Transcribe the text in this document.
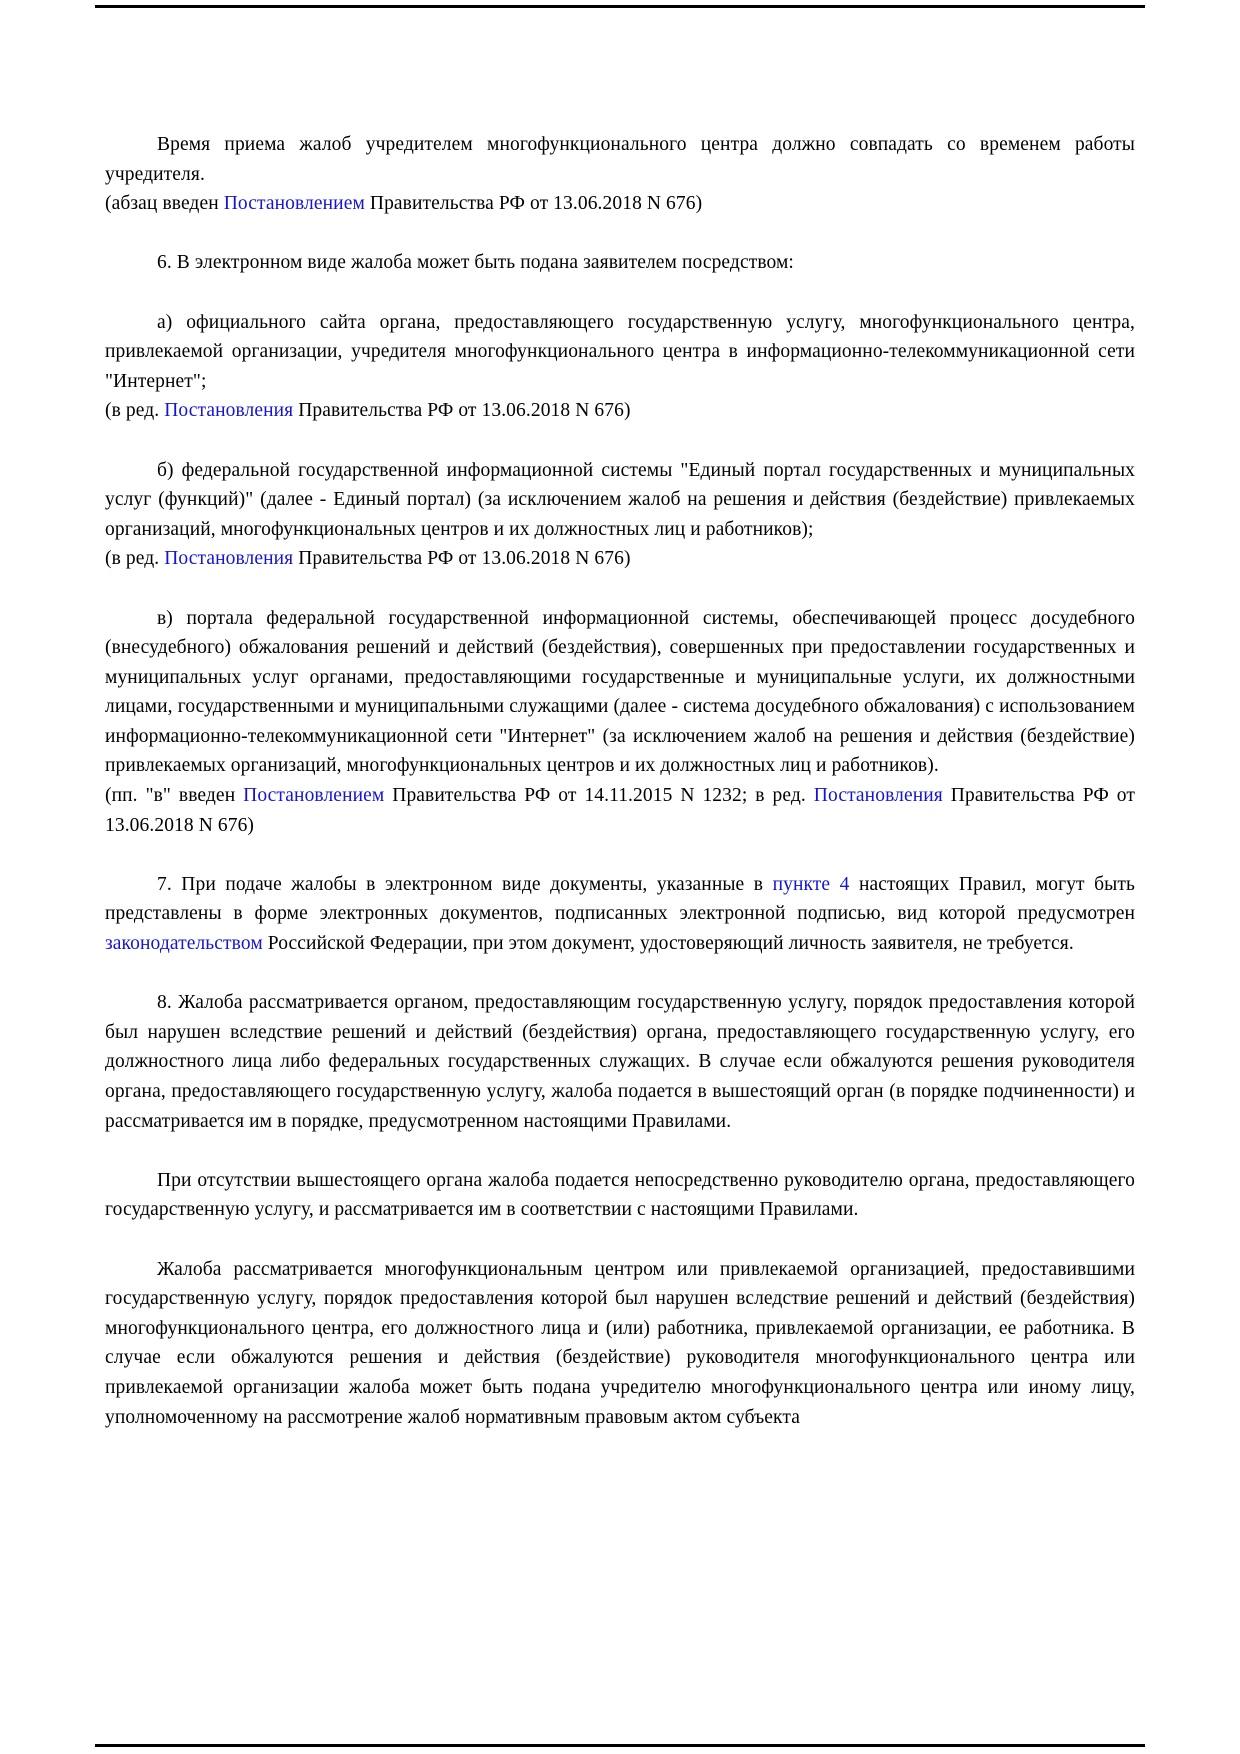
Время приема жалоб учредителем многофункционального центра должно совпадать со временем работы учредителя.

(абзац введен Постановлением Правительства РФ от 13.06.2018 N 676)

6. В электронном виде жалоба может быть подана заявителем посредством:

а) официального сайта органа, предоставляющего государственную услугу, многофункционального центра, привлекаемой организации, учредителя многофункционального центра в информационно-телекоммуникационной сети "Интернет";

(в ред. Постановления Правительства РФ от 13.06.2018 N 676)

б) федеральной государственной информационной системы "Единый портал государственных и муниципальных услуг (функций)" (далее - Единый портал) (за исключением жалоб на решения и действия (бездействие) привлекаемых организаций, многофункциональных центров и их должностных лиц и работников);

(в ред. Постановления Правительства РФ от 13.06.2018 N 676)

в) портала федеральной государственной информационной системы, обеспечивающей процесс досудебного (внесудебного) обжалования решений и действий (бездействия), совершенных при предоставлении государственных и муниципальных услуг органами, предоставляющими государственные и муниципальные услуги, их должностными лицами, государственными и муниципальными служащими (далее - система досудебного обжалования) с использованием информационно-телекоммуникационной сети "Интернет" (за исключением жалоб на решения и действия (бездействие) привлекаемых организаций, многофункциональных центров и их должностных лиц и работников).

(пп. "в" введен Постановлением Правительства РФ от 14.11.2015 N 1232; в ред. Постановления Правительства РФ от 13.06.2018 N 676)

7. При подаче жалобы в электронном виде документы, указанные в пункте 4 настоящих Правил, могут быть представлены в форме электронных документов, подписанных электронной подписью, вид которой предусмотрен законодательством Российской Федерации, при этом документ, удостоверяющий личность заявителя, не требуется.

8. Жалоба рассматривается органом, предоставляющим государственную услугу, порядок предоставления которой был нарушен вследствие решений и действий (бездействия) органа, предоставляющего государственную услугу, его должностного лица либо федеральных государственных служащих. В случае если обжалуются решения руководителя органа, предоставляющего государственную услугу, жалоба подается в вышестоящий орган (в порядке подчиненности) и рассматривается им в порядке, предусмотренном настоящими Правилами.

При отсутствии вышестоящего органа жалоба подается непосредственно руководителю органа, предоставляющего государственную услугу, и рассматривается им в соответствии с настоящими Правилами.

Жалоба рассматривается многофункциональным центром или привлекаемой организацией, предоставившими государственную услугу, порядок предоставления которой был нарушен вследствие решений и действий (бездействия) многофункционального центра, его должностного лица и (или) работника, привлекаемой организации, ее работника. В случае если обжалуются решения и действия (бездействие) руководителя многофункционального центра или привлекаемой организации жалоба может быть подана учредителю многофункционального центра или иному лицу, уполномоченному на рассмотрение жалоб нормативным правовым актом субъекта
